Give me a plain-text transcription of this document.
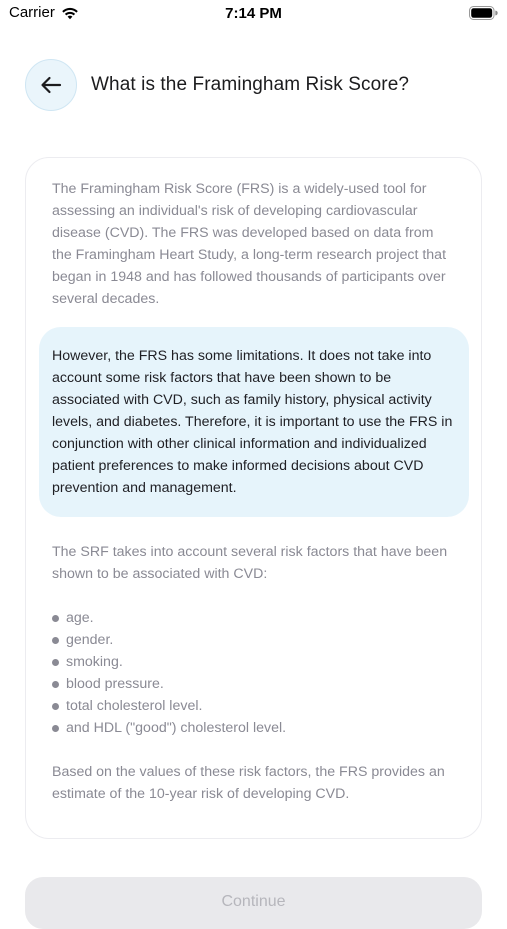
Carrier	7:14 PM
What is the Framingham Risk Score?

The Framingham Risk Score (FRS) is a widely-used tool for assessing an individual's risk of developing cardiovascular disease (CVD). The FRS was developed based on data from the Framingham Heart Study, a long-term research project that began in 1948 and has followed thousands of participants over several decades.

However, the FRS has some limitations. It does not take into account some risk factors that have been shown to be associated with CVD, such as family history, physical activity levels, and diabetes. Therefore, it is important to use the FRS in conjunction with other clinical information and individualized patient preferences to make informed decisions about CVD prevention and management.

The SRF takes into account several risk factors that have been shown to be associated with CVD:

age.
gender.
smoking.
blood pressure.
total cholesterol level.
and HDL ("good") cholesterol level.

Based on the values of these risk factors, the FRS provides an estimate of the 10-year risk of developing CVD.

Continue
